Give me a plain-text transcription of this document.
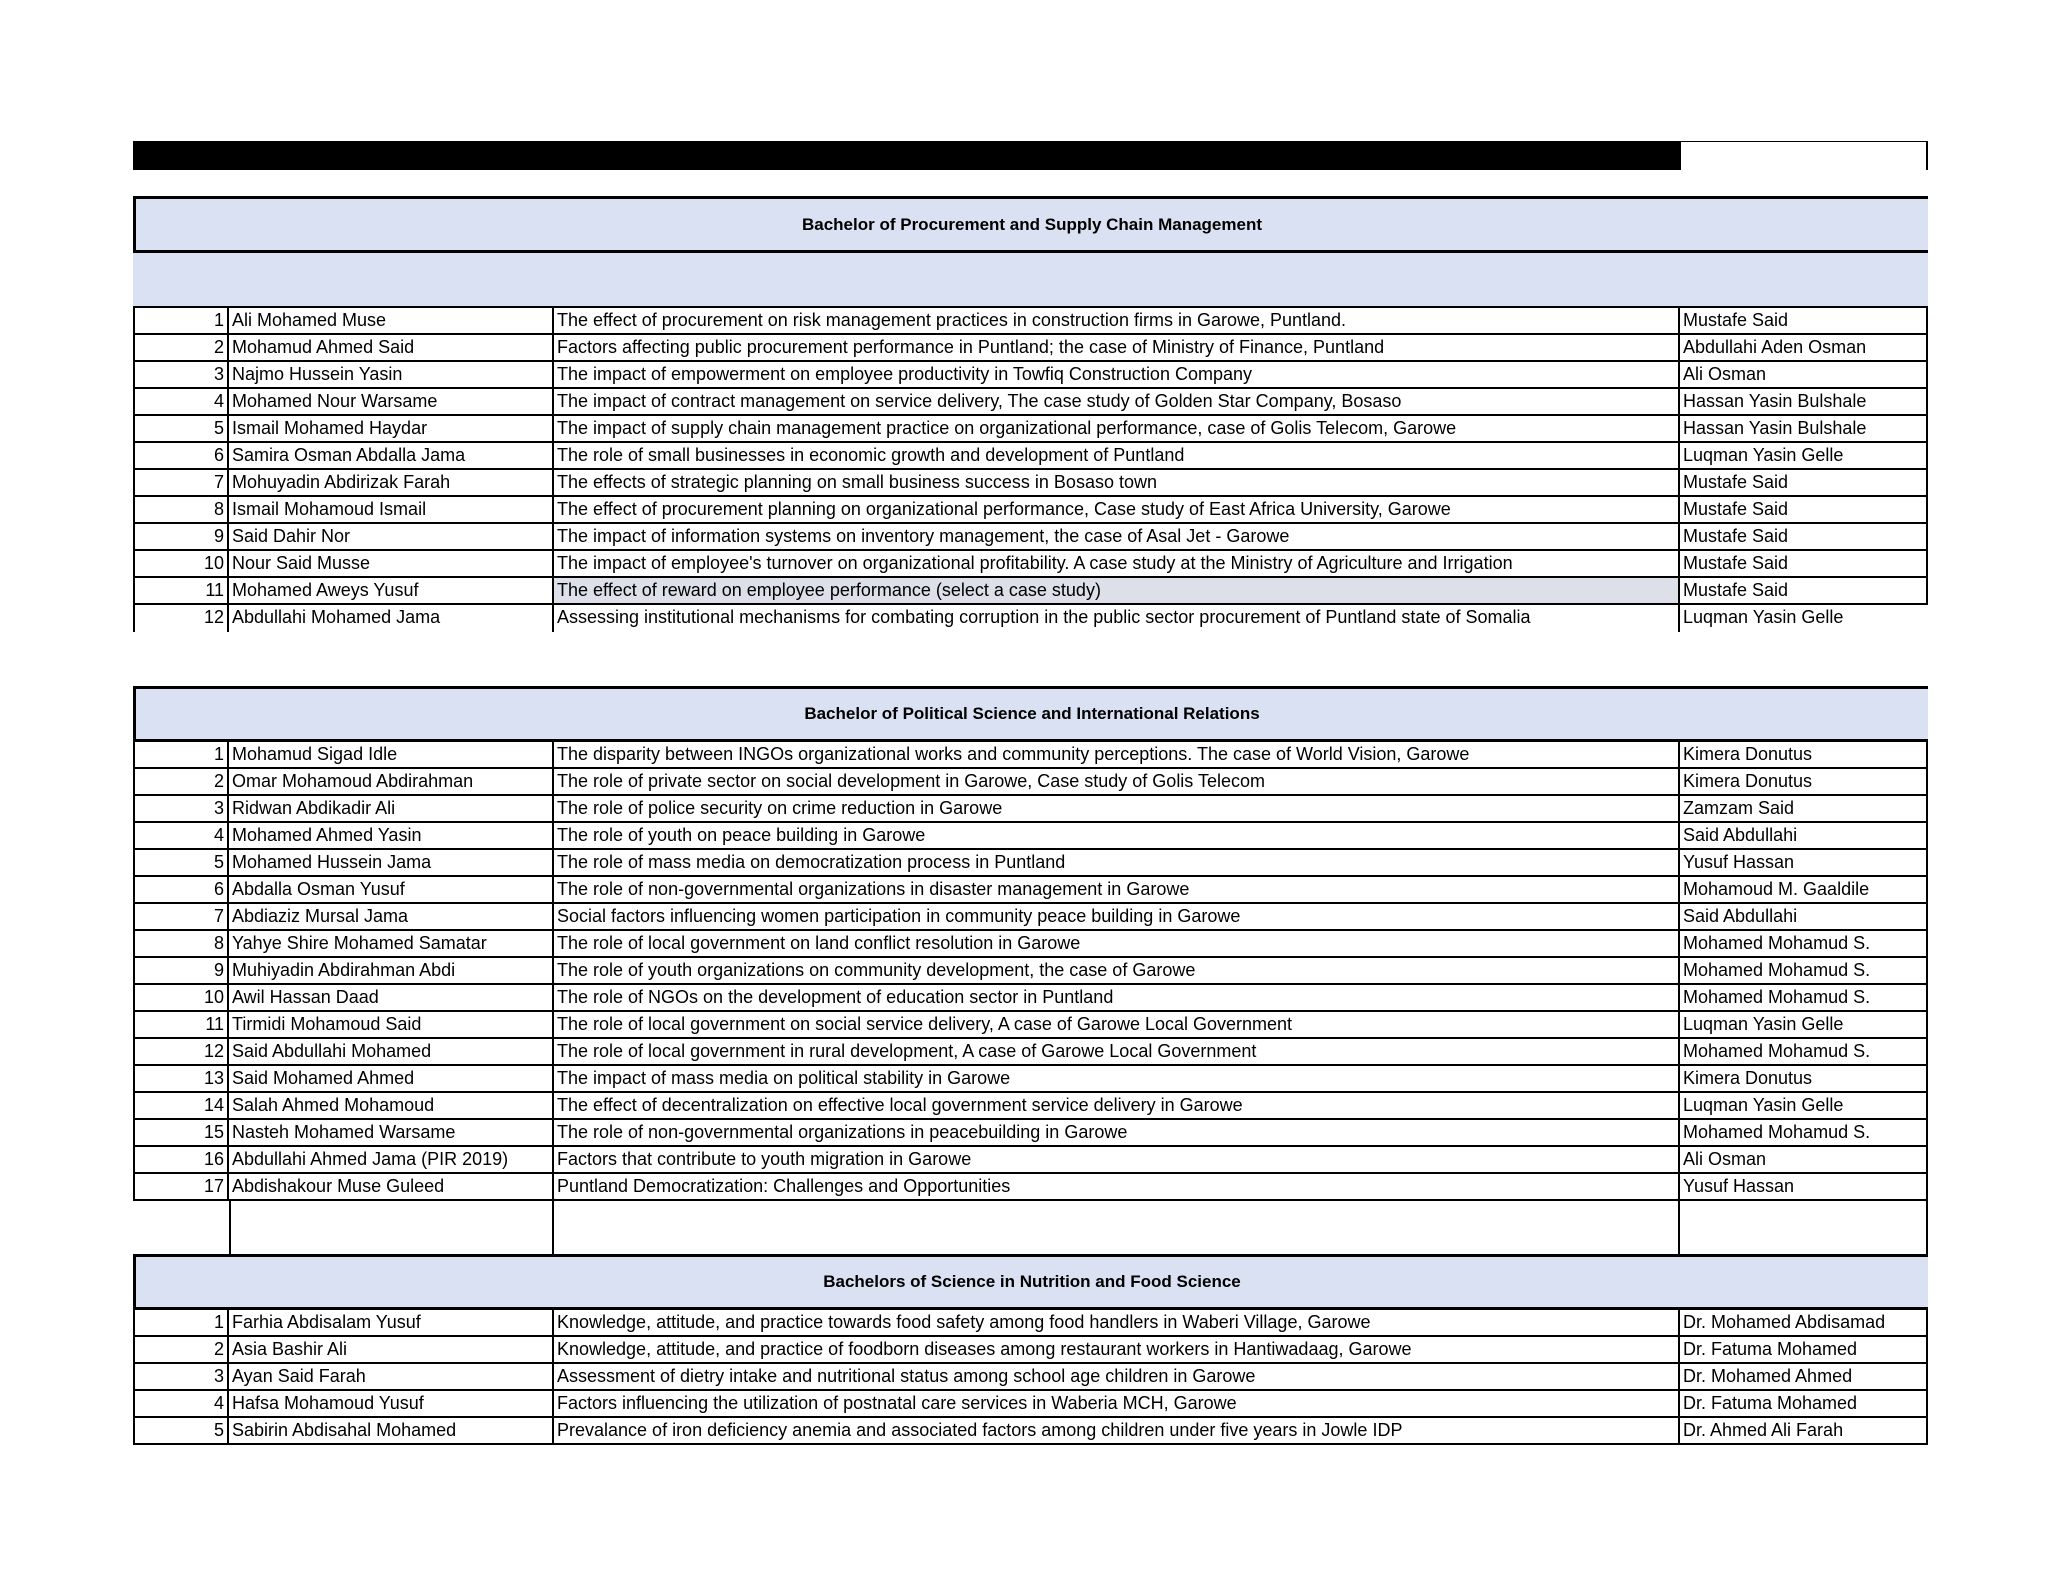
Bachelor of Procurement and Supply Chain Management
1 Ali Mohamed Muse	The effect of procurement on risk management practices in construction firms in Garowe, Puntland.	Mustafe Said
2 Mohamud Ahmed Said	Factors affecting public procurement performance in Puntland; the case of Ministry of Finance, Puntland	Abdullahi Aden Osman
3 Najmo Hussein Yasin	The impact of empowerment on employee productivity in Towfiq Construction Company	Ali Osman
4 Mohamed Nour Warsame	The impact of contract management on service delivery, The case study of Golden Star Company, Bosaso	Hassan Yasin Bulshale
5 Ismail Mohamed Haydar	The impact of supply chain management practice on organizational performance, case of Golis Telecom, Garowe	Hassan Yasin Bulshale
6 Samira Osman Abdalla Jama	The role of small businesses in economic growth and development of Puntland	Luqman Yasin Gelle
7 Mohuyadin Abdirizak Farah	The effects of strategic planning on small business success in Bosaso town	Mustafe Said
8 Ismail Mohamoud Ismail	The effect of procurement planning on organizational performance, Case study of East Africa University, Garowe	Mustafe Said
9 Said Dahir Nor	The impact of information systems on inventory management, the case of Asal Jet - Garowe	Mustafe Said
10 Nour Said Musse	The impact of employee's turnover on organizational profitability. A case study at the Ministry of Agriculture and Irrigation	Mustafe Said
11 Mohamed Aweys Yusuf	The effect of reward on employee performance (select a case study)	Mustafe Said
12 Abdullahi Mohamed Jama	Assessing institutional mechanisms for combating corruption in the public sector procurement of Puntland state of Somalia	Luqman Yasin Gelle
Bachelor of Political Science and International Relations
1 Mohamud Sigad Idle	The disparity between INGOs organizational works and community perceptions. The case of World Vision, Garowe	Kimera Donutus
2 Omar Mohamoud Abdirahman	The role of private sector on social development in Garowe, Case study of Golis Telecom	Kimera Donutus
3 Ridwan Abdikadir Ali	The role of police security on crime reduction in Garowe	Zamzam Said
4 Mohamed Ahmed Yasin	The role of youth on peace building in Garowe	Said Abdullahi
5 Mohamed Hussein Jama	The role of mass media on democratization process in Puntland	Yusuf Hassan
6 Abdalla Osman Yusuf	The role of non-governmental organizations in disaster management in Garowe	Mohamoud M. Gaaldile
7 Abdiaziz Mursal Jama	Social factors influencing women participation in community peace building in Garowe	Said Abdullahi
8 Yahye Shire Mohamed Samatar	The role of local government on land conflict resolution in Garowe	Mohamed Mohamud S.
9 Muhiyadin Abdirahman Abdi	The role of youth organizations on community development, the case of Garowe	Mohamed Mohamud S.
10 Awil Hassan Daad	The role of NGOs on the development of education sector in Puntland	Mohamed Mohamud S.
11 Tirmidi Mohamoud Said	The role of local government on social service delivery, A case of Garowe Local Government	Luqman Yasin Gelle
12 Said Abdullahi Mohamed	The role of local government in rural development, A case of Garowe Local Government	Mohamed Mohamud S.
13 Said Mohamed Ahmed	The impact of mass media on political stability in Garowe	Kimera Donutus
14 Salah Ahmed Mohamoud	The effect of decentralization on effective local government service delivery in Garowe	Luqman Yasin Gelle
15 Nasteh Mohamed Warsame	The role of non-governmental organizations in peacebuilding in Garowe	Mohamed Mohamud S.
16 Abdullahi Ahmed Jama (PIR 2019)	Factors that contribute to youth migration in Garowe	Ali Osman
17 Abdishakour Muse Guleed	Puntland Democratization: Challenges and Opportunities	Yusuf Hassan
Bachelors of Science in Nutrition and Food Science
1 Farhia Abdisalam Yusuf	Knowledge, attitude, and practice towards food safety among food handlers in Waberi Village, Garowe	Dr. Mohamed Abdisamad
2 Asia Bashir Ali	Knowledge, attitude, and practice of foodborn diseases among restaurant workers in Hantiwadaag, Garowe	Dr. Fatuma Mohamed
3 Ayan Said Farah	Assessment of dietry intake and nutritional status among school age children in Garowe	Dr. Mohamed Ahmed
4 Hafsa Mohamoud Yusuf	Factors influencing the utilization of postnatal care services in Waberia MCH, Garowe	Dr. Fatuma Mohamed
5 Sabirin Abdisahal Mohamed	Prevalance of iron deficiency anemia and associated factors among children under five years in Jowle IDP	Dr. Ahmed Ali Farah
